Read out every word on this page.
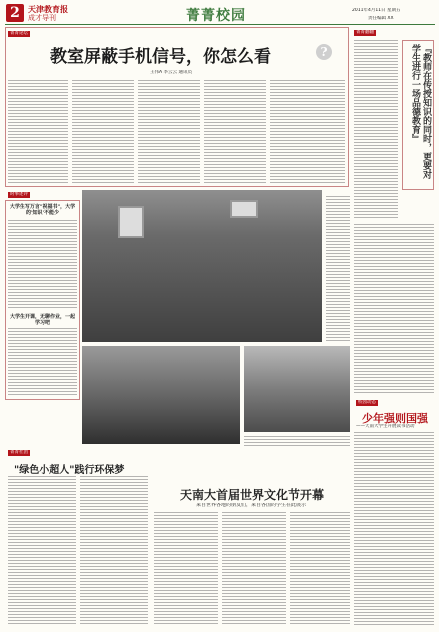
2	天津教育报
成才导刊	菁菁校园	2011年4月11日 星期五
责任编辑 XX
菁菁论坛
教室屏蔽手机信号，你怎么看	?
王伟A 李云云 通讯员
菁菁翻翻
『教师在传授知识的同时，更要对学生进行一场品德教育』
时事述评
大学生写万言"祝福书"，大学的'知识'不能少
大学生开课，无聊作业，一起学习吧
菁菁社团
"绿色小超人"践行环保梦
天南大首届世界文化节开幕
来自世界各地的朋友们，来自各国的学生在此展示
校园动态
少年强则国强
——天南大学生开展读书活动
